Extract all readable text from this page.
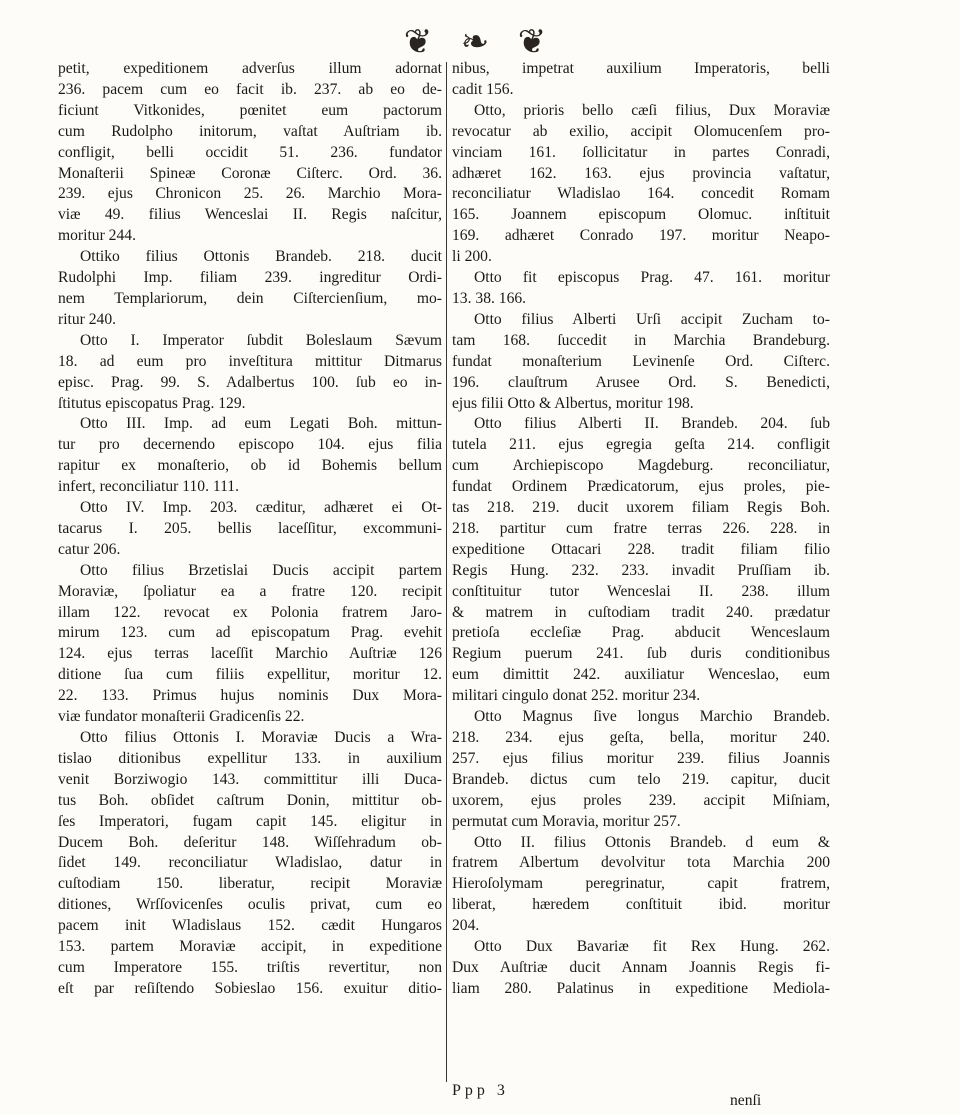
❦ ❧ ❦
petit, expeditionem adverſus illum adornat
236. pacem cum eo facit ib. 237. ab eo de-
ficiunt Vitkonides, pœnitet eum pactorum
cum Rudolpho initorum, vaſtat Auſtriam ib.
confligit, belli occidit 51. 236. fundator
Monaſterii Spineæ Coronæ Ciſterc. Ord. 36.
239. ejus Chronicon 25. 26. Marchio Mora-
viæ 49. filius Wenceslai II. Regis naſcitur,
moritur 244.
Ottiko filius Ottonis Brandeb. 218. ducit
Rudolphi Imp. filiam 239. ingreditur Ordi-
nem Templariorum, dein Ciſtercienſium, mo-
ritur 240.
Otto I. Imperator ſubdit Boleslaum Sævum
18. ad eum pro inveſtitura mittitur Ditmarus
episc. Prag. 99. S. Adalbertus 100. ſub eo in-
ſtitutus episcopatus Prag. 129.
Otto III. Imp. ad eum Legati Boh. mittun-
tur pro decernendo episcopo 104. ejus filia
rapitur ex monaſterio, ob id Bohemis bellum
infert, reconciliatur 110. 111.
Otto IV. Imp. 203. cæditur, adhæret ei Ot-
tacarus I. 205. bellis laceſſitur, excommuni-
catur 206.
Otto filius Brzetislai Ducis accipit partem
Moraviæ, ſpoliatur ea a fratre 120. recipit
illam 122. revocat ex Polonia fratrem Jaro-
mirum 123. cum ad episcopatum Prag. evehit
124. ejus terras laceſſit Marchio Auſtriæ 126
ditione ſua cum filiis expellitur, moritur 12.
22. 133. Primus hujus nominis Dux Mora-
viæ fundator monaſterii Gradicenſis 22.
Otto filius Ottonis I. Moraviæ Ducis a Wra-
tislao ditionibus expellitur 133. in auxilium
venit Borziwogio 143. committitur illi Duca-
tus Boh. obſidet caſtrum Donin, mittitur ob-
ſes Imperatori, fugam capit 145. eligitur in
Ducem Boh. deſeritur 148. Wiſſehradum ob-
ſidet 149. reconciliatur Wladislao, datur in
cuſtodiam 150. liberatur, recipit Moraviæ
ditiones, Wrſſovicenſes oculis privat, cum eo
pacem init Wladislaus 152. cædit Hungaros
153. partem Moraviæ accipit, in expeditione
cum Imperatore 155. triſtis revertitur, non
eſt par reſiſtendo Sobieslao 156. exuitur ditio-
nibus, impetrat auxilium Imperatoris, belli
cadit 156.
Otto, prioris bello cæſi filius, Dux Moraviæ
revocatur ab exilio, accipit Olomucenſem pro-
vinciam 161. ſollicitatur in partes Conradi,
adhæret 162. 163. ejus provincia vaſtatur,
reconciliatur Wladislao 164. concedit Romam
165. Joannem episcopum Olomuc. inſtituit
169. adhæret Conrado 197. moritur Neapo-
li 200.
Otto fit episcopus Prag. 47. 161. moritur
13. 38. 166.
Otto filius Alberti Urſi accipit Zucham to-
tam 168. ſuccedit in Marchia Brandeburg.
fundat monaſterium Levinenſe Ord. Ciſterc.
196. clauſtrum Arusee Ord. S. Benedicti,
ejus filii Otto & Albertus, moritur 198.
Otto filius Alberti II. Brandeb. 204. ſub
tutela 211. ejus egregia geſta 214. confligit
cum Archiepiscopo Magdeburg. reconciliatur,
fundat Ordinem Prædicatorum, ejus proles, pie-
tas 218. 219. ducit uxorem filiam Regis Boh.
218. partitur cum fratre terras 226. 228. in
expeditione Ottacari 228. tradit filiam filio
Regis Hung. 232. 233. invadit Pruſſiam ib.
conſtituitur tutor Wenceslai II. 238. illum
& matrem in cuſtodiam tradit 240. prædatur
pretioſa eccleſiæ Prag. abducit Wenceslaum
Regium puerum 241. ſub duris conditionibus
eum dimittit 242. auxiliatur Wenceslao, eum
militari cingulo donat 252. moritur 234.
Otto Magnus ſive longus Marchio Brandeb.
218. 234. ejus geſta, bella, moritur 240.
257. ejus filius moritur 239. filius Joannis
Brandeb. dictus cum telo 219. capitur, ducit
uxorem, ejus proles 239. accipit Miſniam,
permutat cum Moravia, moritur 257.
Otto II. filius Ottonis Brandeb. d eum &
fratrem Albertum devolvitur tota Marchia 200
Hieroſolymam peregrinatur, capit fratrem,
liberat, hæredem conſtituit ibid. moritur
204.
Otto Dux Bavariæ fit Rex Hung. 262.
Dux Auſtriæ ducit Annam Joannis Regis fi-
liam 280. Palatinus in expeditione Mediola-
Ppp 3
nenſi
